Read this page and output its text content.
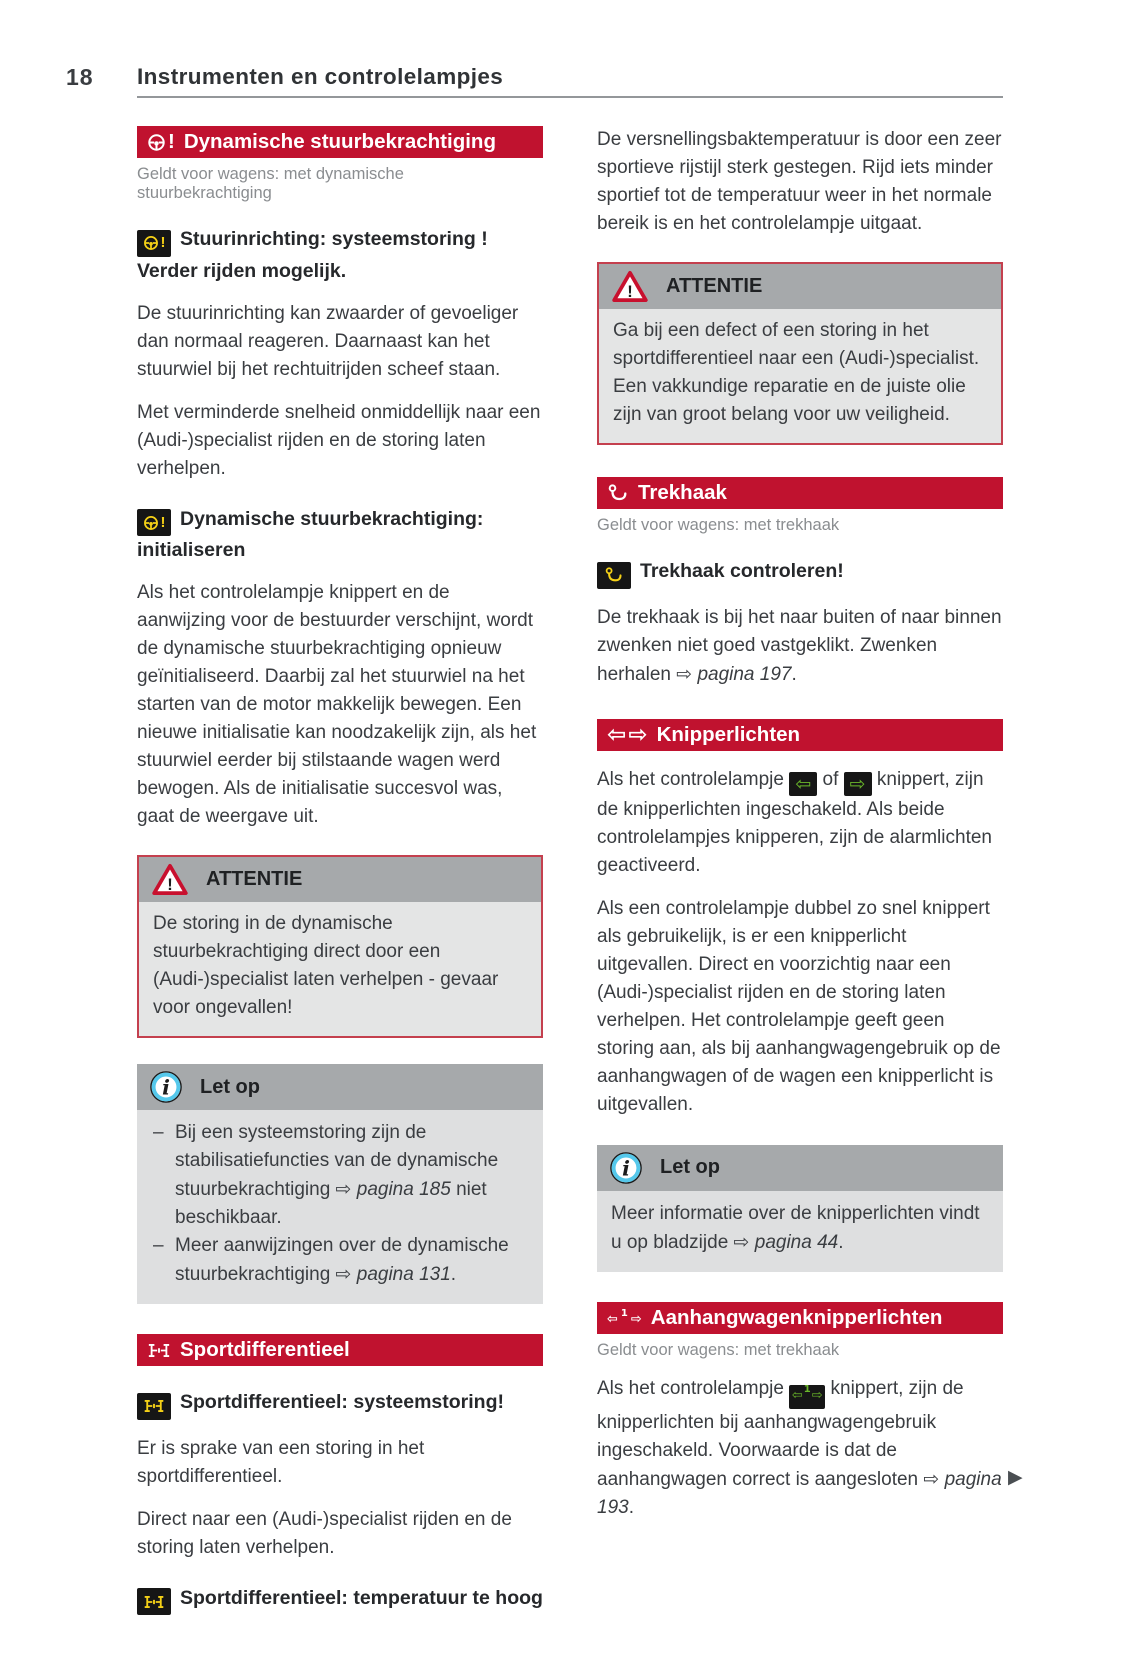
18 Instrumenten en controlelampjes
! Dynamische stuurbekrachtiging
Geldt voor wagens: met dynamische stuurbekrachtiging
! Stuurinrichting: systeemstoring ! Verder rijden mogelijk.

De stuurinrichting kan zwaarder of gevoeliger dan normaal reageren. Daarnaast kan het stuurwiel bij het rechtuitrijden scheef staan.

Met verminderde snelheid onmiddellijk naar een (Audi-)specialist rijden en de storing laten verhelpen.

! Dynamische stuurbekrachtiging: initialiseren

Als het controlelampje knippert en de aanwijzing voor de bestuurder verschijnt, wordt de dynamische stuurbekrachtiging opnieuw geïnitialiseerd. Daarbij zal het stuurwiel na het starten van de motor makkelijk bewegen. Een nieuwe initialisatie kan noodzakelijk zijn, als het stuurwiel eerder bij stilstaande wagen werd bewogen. Als de initialisatie succesvol was, gaat de weergave uit.

! ATTENTIE
De storing in de dynamische stuurbekrachtiging direct door een (Audi-)specialist laten verhelpen - gevaar voor ongevallen!
i Let op
– Bij een systeemstoring zijn de stabilisatiefuncties van de dynamische stuurbekrachtiging ⇨ pagina 185 niet beschikbaar.
– Meer aanwijzingen over de dynamische stuurbekrachtiging ⇨ pagina 131.
Sportdifferentieel
Sportdifferentieel: systeemstoring!

Er is sprake van een storing in het sportdifferentieel.

Direct naar een (Audi-)specialist rijden en de storing laten verhelpen.

Sportdifferentieel: temperatuur te hoog

De versnellingsbaktemperatuur is door een zeer sportieve rijstijl sterk gestegen. Rijd iets minder sportief tot de temperatuur weer in het normale bereik is en het controlelampje uitgaat.

! ATTENTIE
Ga bij een defect of een storing in het sportdifferentieel naar een (Audi-)specialist. Een vakkundige reparatie en de juiste olie zijn van groot belang voor uw veiligheid.
Trekhaak
Geldt voor wagens: met trekhaak
Trekhaak controleren!

De trekhaak is bij het naar buiten of naar binnen zwenken niet goed vastgeklikt. Zwenken herhalen ⇨ pagina 197.

⇦ ⇨ Knipperlichten

Als het controlelampje ⇦ of ⇨ knippert, zijn de knipperlichten ingeschakeld. Als beide controlelampjes knipperen, zijn de alarmlichten geactiveerd.

Als een controlelampje dubbel zo snel knippert als gebruikelijk, is er een knipperlicht uitgevallen. Direct en voorzichtig naar een (Audi-)specialist rijden en de storing laten verhelpen. Het controlelampje geeft geen storing aan, als bij aanhangwagengebruik op de aanhangwagen of de wagen een knipperlicht is uitgevallen.

i Let op
Meer informatie over de knipperlichten vindt u op bladzijde ⇨ pagina 44.
⇦ 1 ⇨ Aanhangwagenknipperlichten
Geldt voor wagens: met trekhaak

Als het controlelampje ⇦ 1 ⇨ knippert, zijn de knipperlichten bij aanhangwagengebruik ingeschakeld. Voorwaarde is dat de aanhangwagen correct is aangesloten ⇨ pagina 193.

▶
